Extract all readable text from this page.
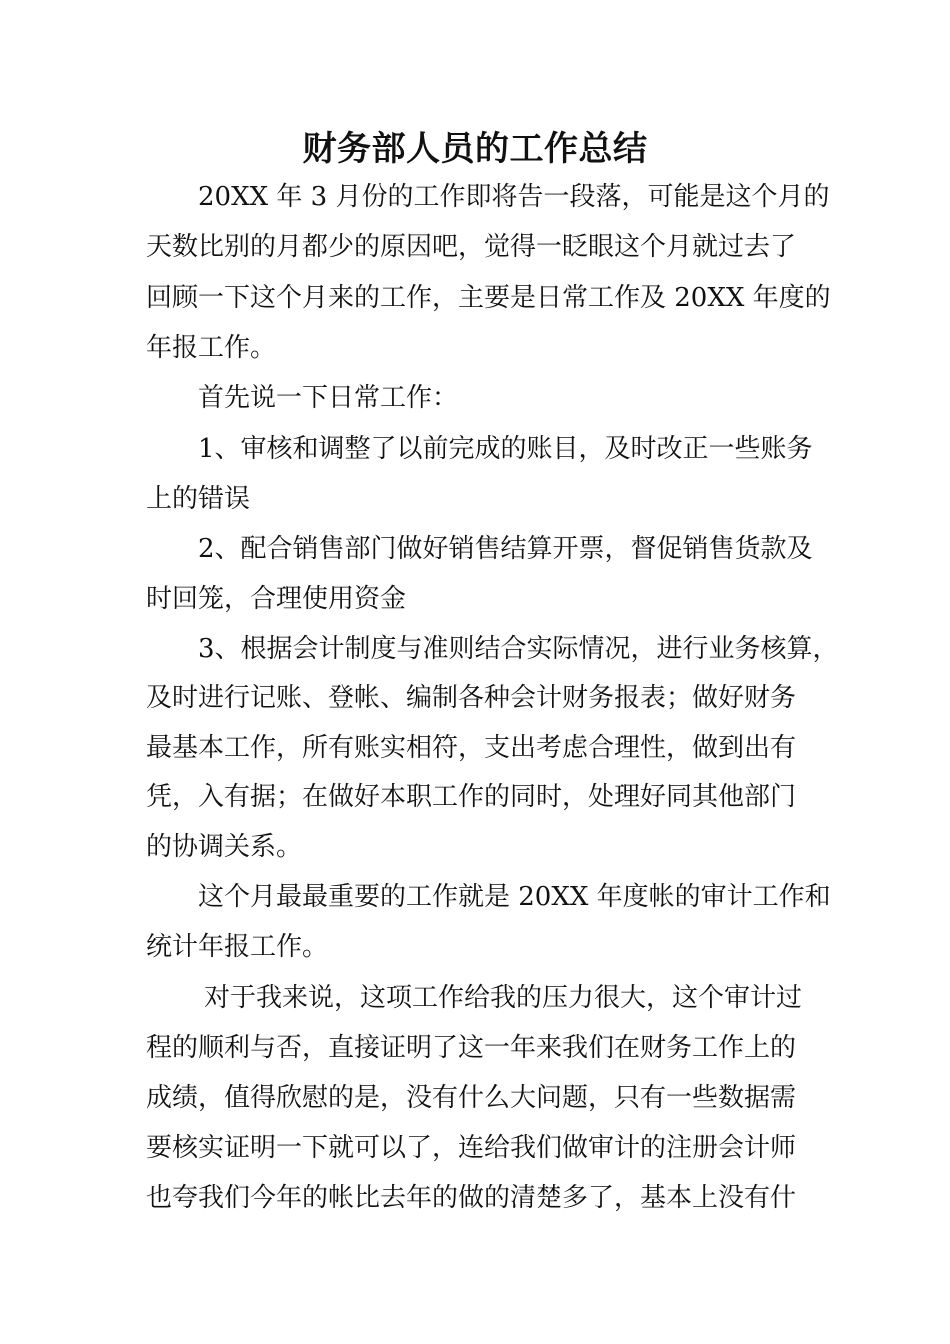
财务部人员的工作总结
20XX 年 3 月份的工作即将告一段落，可能是这个月的
天数比别的月都少的原因吧，觉得一眨眼这个月就过去了
回顾一下这个月来的工作，主要是日常工作及 20XX 年度的
年报工作。
首先说一下日常工作：
1、审核和调整了以前完成的账目，及时改正一些账务
上的错误
2、配合销售部门做好销售结算开票，督促销售货款及
时回笼，合理使用资金
3、根据会计制度与准则结合实际情况，进行业务核算，
及时进行记账、登帐、编制各种会计财务报表；做好财务
最基本工作，所有账实相符，支出考虑合理性，做到出有
凭，入有据；在做好本职工作的同时，处理好同其他部门
的协调关系。
这个月最最重要的工作就是 20XX 年度帐的审计工作和
统计年报工作。
对于我来说，这项工作给我的压力很大，这个审计过
程的顺利与否，直接证明了这一年来我们在财务工作上的
成绩，值得欣慰的是，没有什么大问题，只有一些数据需
要核实证明一下就可以了，连给我们做审计的注册会计师
也夸我们今年的帐比去年的做的清楚多了，基本上没有什
